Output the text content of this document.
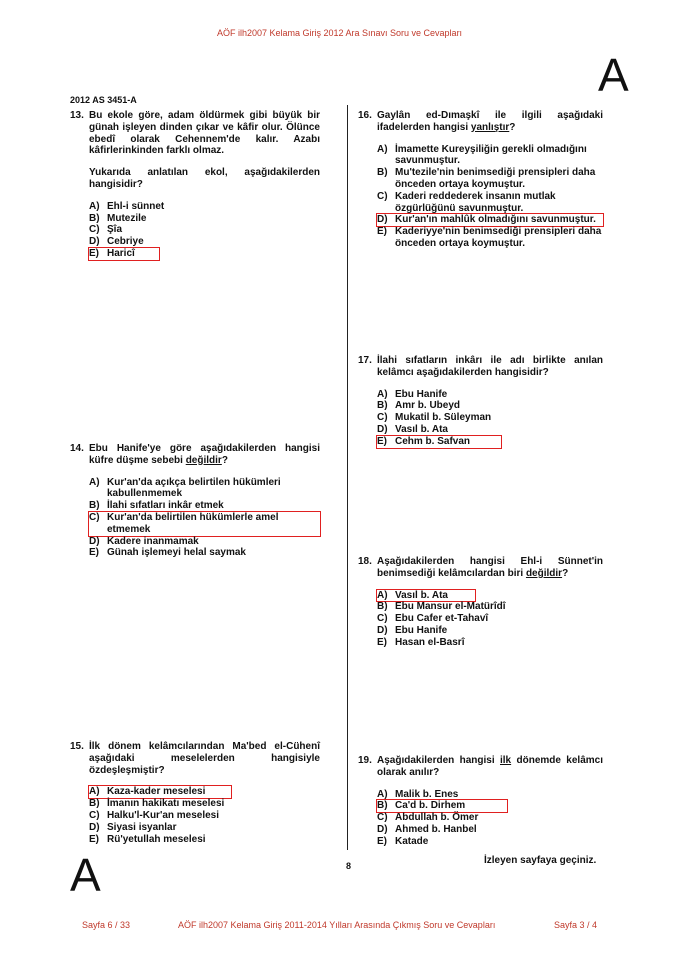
AÖF ilh2007 Kelama Giriş 2012 Ara Sınavı Soru ve Cevapları
A
2012 AS 3451-A
13. Bu ekole göre, adam öldürmek gibi büyük bir günah işleyen dinden çıkar ve kâfir olur. Ölünce ebedî olarak Cehennem'de kalır. Azabı kâfirlerinkinden farklı olmaz.
Yukarıda anlatılan ekol, aşağıdakilerden hangisidir?
A) Ehl-i sünnet
B) Mutezile
C) Şîa
D) Cebriye
E) Haricî
14. Ebu Hanife'ye göre aşağıdakilerden hangisi küfre düşme sebebi değildir?
A) Kur'an'da açıkça belirtilen hükümleri kabullenmemek
B) İlahi sıfatları inkâr etmek
C) Kur'an'da belirtilen hükümlerle amel etmemek
D) Kadere inanmamak
E) Günah işlemeyi helal saymak
15. İlk dönem kelâmcılarından Ma'bed el-Cühenî aşağıdaki meselelerden hangisiyle özdeşleşmiştir?
A) Kaza-kader meselesi
B) İmanın hakikatı meselesi
C) Halku'l-Kur'an meselesi
D) Siyasi isyanlar
E) Rü'yetullah meselesi
16. Gaylân ed-Dımaşkî ile ilgili aşağıdaki ifadelerden hangisi yanlıştır?
A) İmamette Kureyşiliğin gerekli olmadığını savunmuştur.
B) Mu'tezile'nin benimsediği prensipleri daha önceden ortaya koymuştur.
C) Kaderi reddederek insanın mutlak özgürlüğünü savunmuştur.
D) Kur'an'ın mahlûk olmadığını savunmuştur.
E) Kaderiyye'nin benimsediği prensipleri daha önceden ortaya koymuştur.
17. İlahi sıfatların inkârı ile adı birlikte anılan kelâmcı aşağıdakilerden hangisidir?
A) Ebu Hanife
B) Amr b. Ubeyd
C) Mukatil b. Süleyman
D) Vasıl b. Ata
E) Cehm b. Safvan
18. Aşağıdakilerden hangisi Ehl-i Sünnet'in benimsediği kelâmcılardan biri değildir?
A) Vasıl b. Ata
B) Ebu Mansur el-Matürîdî
C) Ebu Cafer et-Tahavî
D) Ebu Hanife
E) Hasan el-Basrî
19. Aşağıdakilerden hangisi ilk dönemde kelâmcı olarak anılır?
A) Malik b. Enes
B) Ca'd b. Dirhem
C) Abdullah b. Ömer
D) Ahmed b. Hanbel
E) Katade
8	İzleyen sayfaya geçiniz.
A
Sayfa 6 / 33	AÖF ilh2007 Kelama Giriş 2011-2014 Yılları Arasında Çıkmış Soru ve Cevapları	Sayfa 3 / 4
